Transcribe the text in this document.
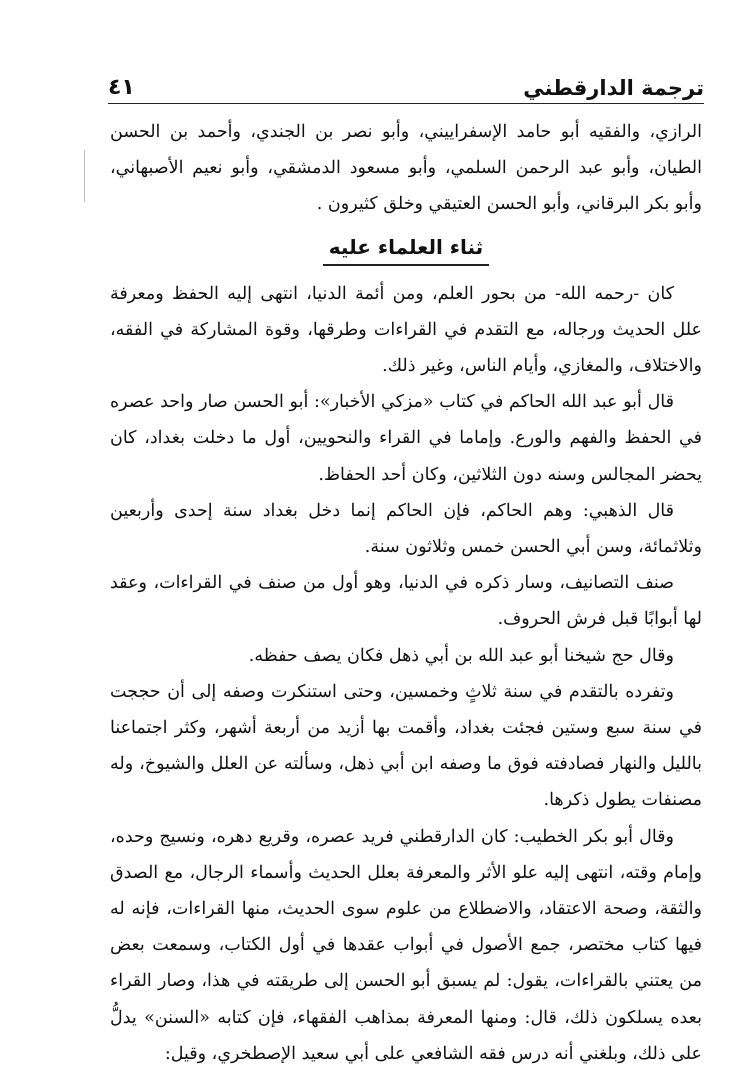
ترجمة الدارقطني
٤١

الرازي، والفقيه أبو حامد الإسفراييني، وأبو نصر بن الجندي، وأحمد بن الحسن الطيان، وأبو عبد الرحمن السلمي، وأبو مسعود الدمشقي، وأبو نعيم الأصبهاني، وأبو بكر البرقاني، وأبو الحسن العتيقي وخلق كثيرون .

ثناء العلماء عليه

كان -رحمه الله- من بحور العلم، ومن أئمة الدنيا، انتهى إليه الحفظ ومعرفة علل الحديث ورجاله، مع التقدم في القراءات وطرقها، وقوة المشاركة في الفقه، والاختلاف، والمغازي، وأيام الناس، وغير ذلك.

قال أبو عبد الله الحاكم في كتاب «مزكي الأخبار»: أبو الحسن صار واحد عصره في الحفظ والفهم والورع. وإماما في القراء والنحويين، أول ما دخلت بغداد، كان يحضر المجالس وسنه دون الثلاثين، وكان أحد الحفاظ.

قال الذهبي: وهم الحاكم، فإن الحاكم إنما دخل بغداد سنة إحدى وأربعين وثلاثمائة، وسن أبي الحسن خمس وثلاثون سنة.

صنف التصانيف، وسار ذكره في الدنيا، وهو أول من صنف في القراءات، وعقد لها أبوابًا قبل فرش الحروف.

وقال حج شيخنا أبو عبد الله بن أبي ذهل فكان يصف حفظه.

وتفرده بالتقدم في سنة ثلاثٍ وخمسين، وحتى استنكرت وصفه إلى أن حججت في سنة سبع وستين فجئت بغداد، وأقمت بها أزيد من أربعة أشهر، وكثر اجتماعنا بالليل والنهار فصادفته فوق ما وصفه ابن أبي ذهل، وسألته عن العلل والشيوخ، وله مصنفات يطول ذكرها.

وقال أبو بكر الخطيب: كان الدارقطني فريد عصره، وقريع دهره، ونسيج وحده، وإمام وقته، انتهى إليه علو الأثر والمعرفة بعلل الحديث وأسماء الرجال، مع الصدق والثقة، وصحة الاعتقاد، والاضطلاع من علوم سوى الحديث، منها القراءات، فإنه له فيها كتاب مختصر، جمع الأصول في أبواب عقدها في أول الكتاب، وسمعت بعض من يعتني بالقراءات، يقول: لم يسبق أبو الحسن إلى طريقته في هذا، وصار القراء بعده يسلكون ذلك، قال: ومنها المعرفة بمذاهب الفقهاء، فإن كتابه «السنن» يدلُّ على ذلك، وبلغني أنه درس فقه الشافعي على أبي سعيد الإصطخري، وقيل:
